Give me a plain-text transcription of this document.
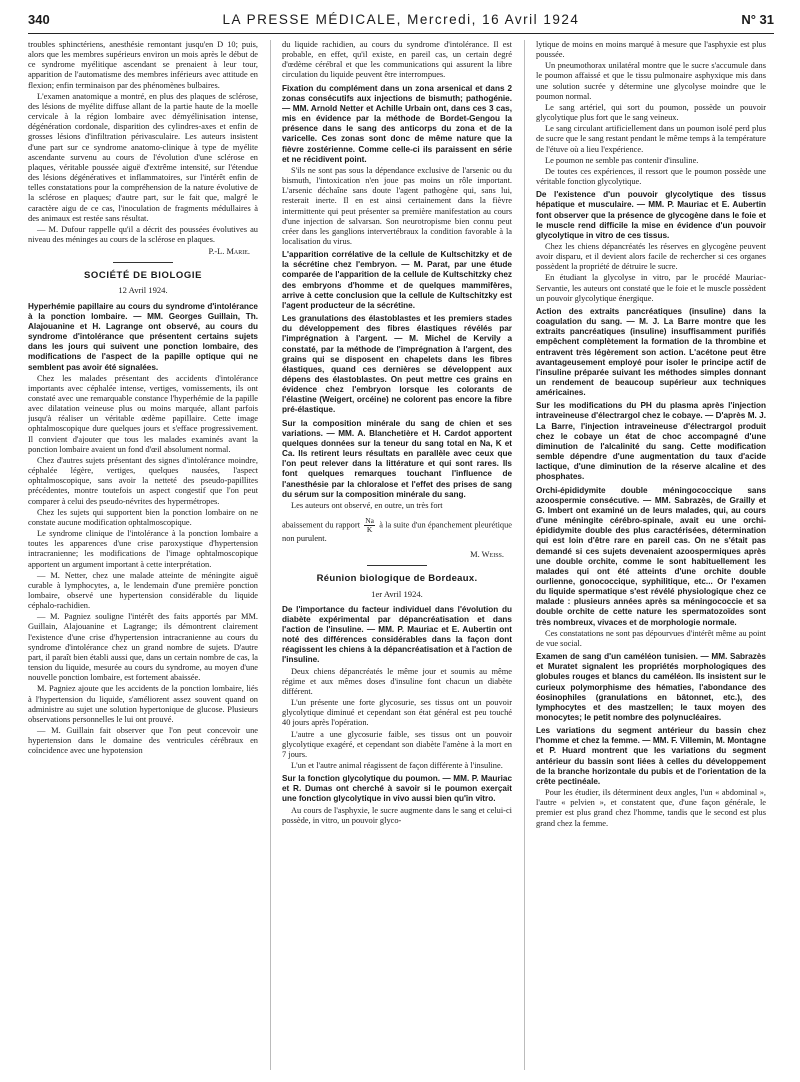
340	LA PRESSE MÉDICALE, Mercredi, 16 Avril 1924	N° 31

troubles sphinctériens, anesthésie remontant jusqu'en D 10; puis, alors que les membres supérieurs environ un mois après le début de ce syndrome myélitique ascendant se prenaient à leur tour, apparition de l'automatisme des membres inférieurs avec attitude en flexion; enfin terminaison par des phénomènes bulbaires.

L'examen anatomique a montré, en plus des plaques de sclérose, des lésions de myélite diffuse allant de la partie haute de la moelle cervicale à la région lombaire avec démyélinisation intense, dégénération cordonale, disparition des cylindres-axes et enfin de grosses lésions d'infiltration périvasculaire. Les auteurs insistent d'une part sur ce syndrome anatomo-clinique à type de myélite ascendante survenu au cours de l'évolution d'une sclérose en plaques, véritable poussée aiguë d'extrême intensité, sur l'étendue des lésions dégénératives et inflammatoires, sur l'intérêt enfin de telles constatations pour la compréhension de la nature évolutive de la sclérose en plaques; d'autre part, sur le fait que, malgré le caractère aigu de ce cas, l'inoculation de fragments médullaires à des animaux est restée sans résultat.

— M. Dufour rappelle qu'il a décrit des poussées évolutives au niveau des méninges au cours de la sclérose en plaques.

P.-L. Marie.

SOCIÉTÉ DE BIOLOGIE
12 Avril 1924.

Hyperhémie papillaire au cours du syndrome d'intolérance à la ponction lombaire. — MM. Georges Guillain, Th. Alajouanine et H. Lagrange ont observé, au cours du syndrome d'intolérance que présentent certains sujets dans les jours qui suivent une ponction lombaire, des modifications de l'aspect de la papille optique qui ne semblent pas avoir été signalées.

Chez les malades présentant des accidents d'intolérance importants avec céphalée intense, vertiges, vomissements, ils ont constaté avec une remarquable constance l'hyperhémie de la papille avec dilatation veineuse plus ou moins marquée, allant parfois jusqu'à réaliser un véritable œdème papillaire. Cette image ophtalmoscopique dure quelques jours et s'efface progressivement. Il convient d'ajouter que tous les malades examinés avant la ponction lombaire avaient un fond d'œil absolument normal.

Chez d'autres sujets présentant des signes d'intolérance moindre, céphalée légère, vertiges, quelques nausées, l'aspect ophtalmoscopique, sans avoir la netteté des pseudo-papillites précédentes, montre toutefois un aspect congestif que l'on peut comparer à celui des pseudo-névrites des hypermétropes.

Chez les sujets qui supportent bien la ponction lombaire on ne constate aucune modification ophtalmoscopique.

Le syndrome clinique de l'intolérance à la ponction lombaire a toutes les apparences d'une crise paroxystique d'hypertension intracranienne; les modifications de l'image ophtalmoscopique apportent un argument important à cette interprétation.

— M. Netter, chez une malade atteinte de méningite aiguë curable à lymphocytes, a, le lendemain d'une première ponction lombaire, observé une hypertension considérable du liquide céphalo-rachidien.

— M. Pagniez souligne l'intérêt des faits apportés par MM. Guillain, Alajouanine et Lagrange; ils démontrent clairement l'existence d'une crise d'hypertension intracranienne au cours du syndrome d'intolérance chez un grand nombre de sujets. D'autre part, il paraît bien établi aussi que, dans un certain nombre de cas, la tension du liquide, mesurée au cours du syndrome, au moyen d'une nouvelle ponction lombaire, est fortement abaissée.

M. Pagniez ajoute que les accidents de la ponction lombaire, liés à l'hypertension du liquide, s'améliorent assez souvent quand on administre au sujet une solution hypertonique de glucose. Plusieurs observations personnelles le lui ont prouvé.

— M. Guillain fait observer que l'on peut concevoir une hypertension dans le domaine des ventricules cérébraux en coïncidence avec une hypotension

du liquide rachidien, au cours du syndrome d'intolérance. Il est probable, en effet, qu'il existe, en pareil cas, un certain degré d'œdème cérébral et que les communications qui assurent la libre circulation du liquide peuvent être interrompues.

Fixation du complément dans un zona arsenical et dans 2 zonas consécutifs aux injections de bismuth; pathogénie. — MM. Arnold Netter et Achille Urbain ont, dans ces 3 cas, mis en évidence par la méthode de Bordet-Gengou la présence dans le sang des anticorps du zona et de la varicelle. Ces zonas sont donc de même nature que la fièvre zostérienne. Comme celle-ci ils paraissent en série et ne récidivent point.

S'ils ne sont pas sous la dépendance exclusive de l'arsenic ou du bismuth, l'intoxication n'en joue pas moins un rôle important. L'arsenic déchaîne sans doute l'agent pathogène qui, sans lui, resterait inerte. Il en est ainsi certainement dans la fièvre intermittente qui peut présenter sa première manifestation au cours d'une injection de salvarsan. Son neurotropisme bien connu peut créer dans les ganglions intervertébraux la condition favorable à la localisation du virus.

L'apparition corrélative de la cellule de Kultschitzky et de la sécrétine chez l'embryon. — M. Parat, par une étude comparée de l'apparition de la cellule de Kultschitzky chez des embryons d'homme et de quelques mammifères, arrive à cette conclusion que la cellule de Kultschitzky est l'agent producteur de la sécrétine.

Les granulations des élastoblastes et les premiers stades du développement des fibres élastiques révélés par l'imprégnation à l'argent. — M. Michel de Kervily a constaté, par la méthode de l'imprégnation à l'argent, des grains qui se disposent en chapelets dans les fibres élastiques, quand ces dernières se développent aux dépens des élastoblastes. On peut mettre ces grains en évidence chez l'embryon lorsque les colorants de l'élastine (Weigert, orcéine) ne colorent pas encore la fibre pré-élastique.

Sur la composition minérale du sang de chien et ses variations. — MM. A. Blanchetière et H. Cardot apportent quelques données sur la teneur du sang total en Na, K et Ca. Ils retirent leurs résultats en parallèle avec ceux que l'on peut relever dans la littérature et qui sont rares. Ils font quelques remarques touchant l'influence de l'anesthésie par la chloralose et l'effet des prises de sang du sérum sur la composition minérale du sang.

Les auteurs ont observé, en outre, un très fort

abaissement du rapport $\frac{Na}{K}$ à la suite d'un épanchement pleurétique non purulent.

M. Weiss.

Réunion biologique de Bordeaux.
1er Avril 1924.

De l'importance du facteur individuel dans l'évolution du diabète expérimental par dépancréatisation et dans l'action de l'insuline. — MM. P. Mauriac et E. Aubertin ont noté des différences considérables dans la façon dont réagissent les chiens à la dépancréatisation et à l'action de l'insuline.

Deux chiens dépancréatés le même jour et soumis au même régime et aux mêmes doses d'insuline font chacun un diabète différent.

L'un présente une forte glycosurie, ses tissus ont un pouvoir glycolytique diminué et cependant son état général est peu touché 40 jours après l'opération.

L'autre a une glycosurie faible, ses tissus ont un pouvoir glycolytique exagéré, et cependant son diabète l'amène à la mort en 7 jours.

L'un et l'autre animal réagissent de façon différente à l'insuline.

Sur la fonction glycolytique du poumon. — MM. P. Mauriac et R. Dumas ont cherché à savoir si le poumon exerçait une fonction glycolytique in vivo aussi bien qu'in vitro.

Au cours de l'asphyxie, le sucre augmente dans le sang et celui-ci possède, in vitro, un pouvoir glyco-

lytique de moins en moins marqué à mesure que l'asphyxie est plus poussée.

Un pneumothorax unilatéral montre que le sucre s'accumule dans le poumon affaissé et que le tissu pulmonaire asphyxique mis dans une solution sucrée y détermine une glycolyse moindre que le poumon normal.

Le sang artériel, qui sort du poumon, possède un pouvoir glycolytique plus fort que le sang veineux.

Le sang circulant artificiellement dans un poumon isolé perd plus de sucre que le sang restant pendant le même temps à la température de l'étuve où a lieu l'expérience.

Le poumon ne semble pas contenir d'insuline.

De toutes ces expériences, il ressort que le poumon possède une véritable fonction glycolytique.

De l'existence d'un pouvoir glycolytique des tissus hépatique et musculaire. — MM. P. Mauriac et E. Aubertin font observer que la présence de glycogène dans le foie et le muscle rend difficile la mise en évidence d'un pouvoir glycolytique in vitro de ces tissus.

Chez les chiens dépancréatés les réserves en glycogène peuvent avoir disparu, et il devient alors facile de rechercher si ces organes possèdent la propriété de détruire le sucre.

En étudiant la glycolyse in vitro, par le procédé Mauriac-Servantie, les auteurs ont constaté que le foie et le muscle possèdent un pouvoir glycolytique énergique.

Action des extraits pancréatiques (insuline) dans la coagulation du sang. — M. J. La Barre montre que les extraits pancréatiques (insuline) insuffisamment purifiés empêchent complètement la formation de la thrombine et entravent très légèrement son action. L'acétone peut être avantageusement employé pour isoler le principe actif de l'insuline préparée suivant les méthodes simples donnant un rendement de beaucoup supérieur aux techniques américaines.

Sur les modifications du PH du plasma après l'injection intraveineuse d'électrargol chez le cobaye. — D'après M. J. La Barre, l'injection intraveineuse d'électrargol produit chez le cobaye un état de choc accompagné d'une diminution de l'alcalinité du sang. Cette modification semble dépendre d'une augmentation du taux d'acide lactique, d'une diminution de la réserve alcaline et des phosphates.

Orchi-épididymite double méningococcique sans azoospermie consécutive. — MM. Sabrazès, de Grailly et G. Imbert ont examiné un de leurs malades, qui, au cours d'une méningite cérébro-spinale, avait eu une orchi-épididymite double des plus caractérisées, détermination qui est loin d'être rare en pareil cas. On ne s'était pas demandé si ces sujets devenaient azoospermiques après une double orchite, comme le sont habituellement les malades qui ont été atteints d'une orchite double ourlienne, gonococcique, syphilitique, etc... Or l'examen du liquide spermatique s'est révélé physiologique chez ce malade : plusieurs années après sa méningococcie et sa double orchite de cette nature les spermatozoïdes sont très nombreux, vivaces et de morphologie normale.

Ces constatations ne sont pas dépourvues d'intérêt même au point de vue social.

Examen de sang d'un caméléon tunisien. — MM. Sabrazès et Muratet signalent les propriétés morphologiques des globules rouges et blancs du caméléon. Ils insistent sur le curieux polymorphisme des hématies, l'abondance des éosinophiles (granulations en bâtonnet, etc.), des lymphocytes et des mastzellen; le taux moyen des monocytes; le petit nombre des polynucléaires.

Les variations du segment antérieur du bassin chez l'homme et chez la femme. — MM. F. Villemin, M. Montagne et P. Huard montrent que les variations du segment antérieur du bassin sont liées à celles du développement de la branche horizontale du pubis et de l'orientation de la crête pectinéale.

Pour les étudier, ils déterminent deux angles, l'un « abdominal », l'autre « pelvien », et constatent que, d'une façon générale, le premier est plus grand chez l'homme, tandis que le second est plus grand chez la femme.
